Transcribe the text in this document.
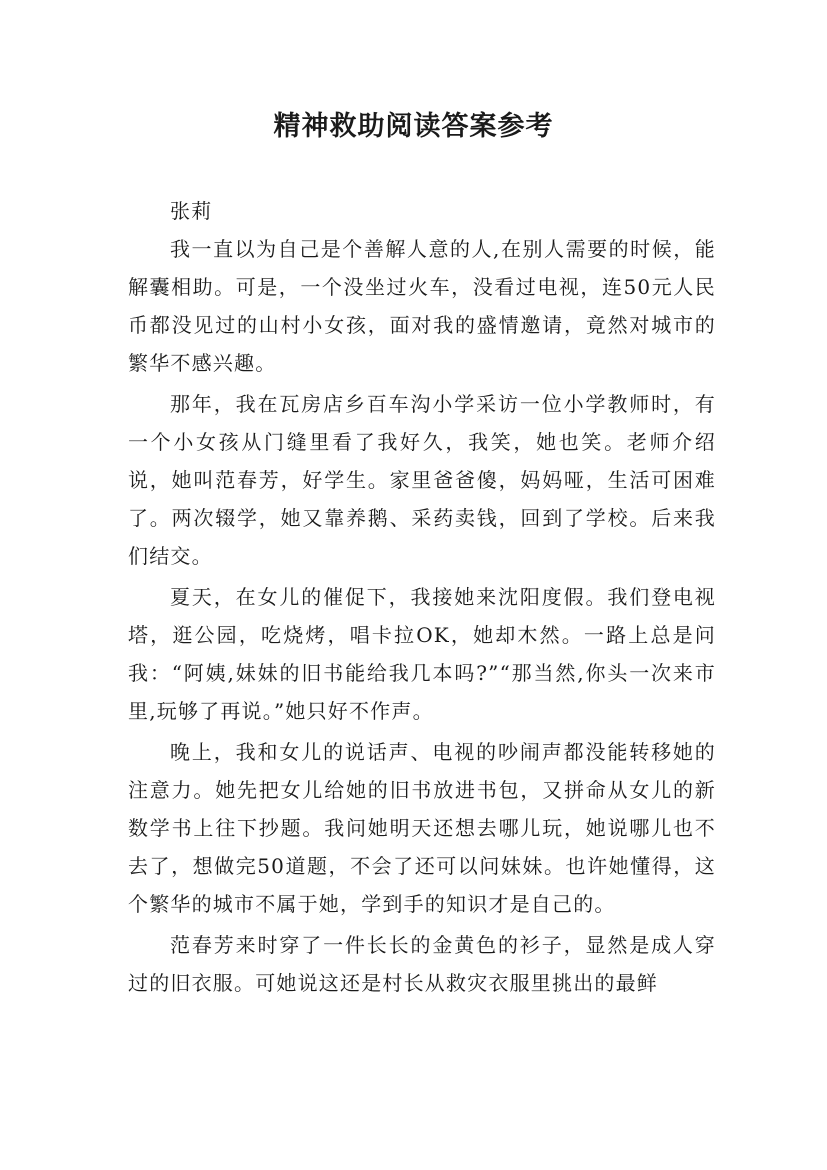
精神救助阅读答案参考

张莉

我一直以为自己是个善解人意的人,在别人需要的时候，能解囊相助。可是，一个没坐过火车，没看过电视，连50元人民币都没见过的山村小女孩，面对我的盛情邀请，竟然对城市的繁华不感兴趣。

那年，我在瓦房店乡百车沟小学采访一位小学教师时，有一个小女孩从门缝里看了我好久，我笑，她也笑。老师介绍说，她叫范春芳，好学生。家里爸爸傻，妈妈哑，生活可困难了。两次辍学，她又靠养鹅、采药卖钱，回到了学校。后来我们结交。

夏天，在女儿的催促下，我接她来沈阳度假。我们登电视塔，逛公园，吃烧烤，唱卡拉OK，她却木然。一路上总是问我：“阿姨,妹妹的旧书能给我几本吗?”“那当然,你头一次来市里,玩够了再说。”她只好不作声。

晚上，我和女儿的说话声、电视的吵闹声都没能转移她的注意力。她先把女儿给她的旧书放进书包，又拼命从女儿的新数学书上往下抄题。我问她明天还想去哪儿玩，她说哪儿也不去了，想做完50道题，不会了还可以问妹妹。也许她懂得，这个繁华的城市不属于她，学到手的知识才是自己的。

范春芳来时穿了一件长长的金黄色的衫子，显然是成人穿过的旧衣服。可她说这还是村长从救灾衣服里挑出的最鲜
